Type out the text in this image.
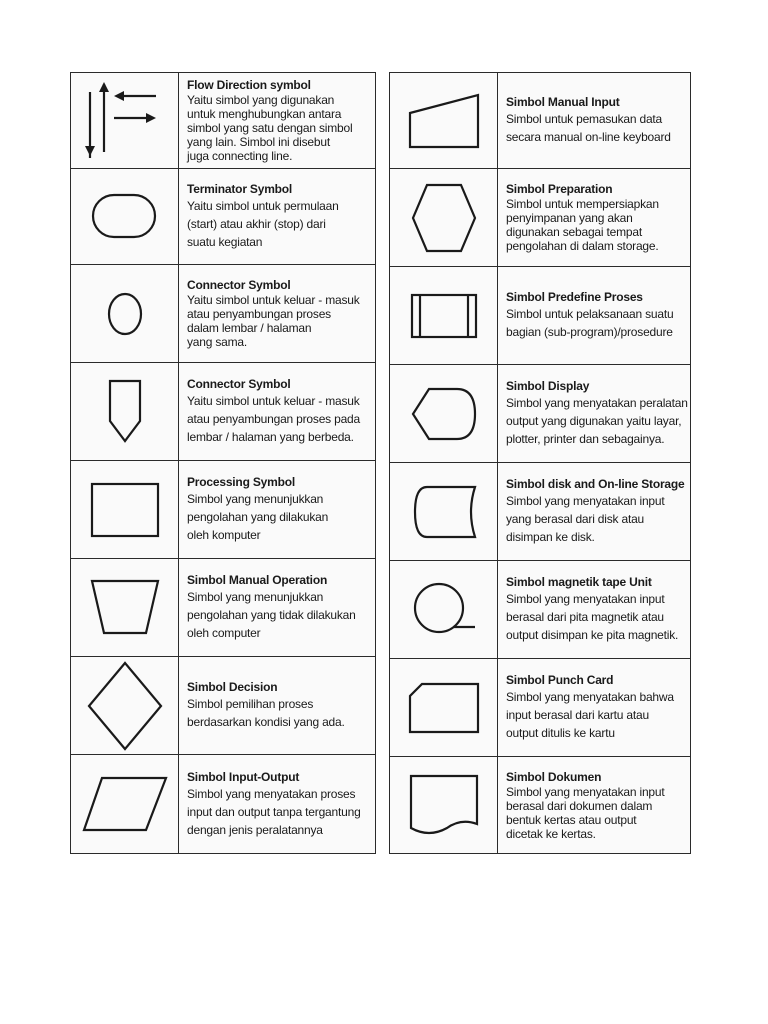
Flow Direction symbol
Yaitu simbol yang digunakan
untuk menghubungkan antara
simbol yang satu dengan simbol
yang lain. Simbol ini disebut
juga connecting line.
Terminator Symbol
Yaitu simbol untuk permulaan
(start) atau akhir (stop) dari
suatu kegiatan
Connector Symbol
Yaitu simbol untuk keluar - masuk
atau penyambungan proses
dalam lembar / halaman
yang sama.
Connector Symbol
Yaitu simbol untuk keluar - masuk
atau penyambungan proses pada
lembar / halaman yang berbeda.
Processing Symbol
Simbol yang menunjukkan
pengolahan yang dilakukan
oleh komputer
Simbol Manual Operation
Simbol yang menunjukkan
pengolahan yang tidak dilakukan
oleh computer
Simbol Decision
Simbol pemilihan proses
berdasarkan kondisi yang ada.
Simbol Input-Output
Simbol yang menyatakan proses
input dan output tanpa tergantung
dengan jenis peralatannya
Simbol Manual Input
Simbol untuk pemasukan data
secara manual on-line keyboard
Simbol Preparation
Simbol untuk mempersiapkan
penyimpanan yang akan
digunakan sebagai tempat
pengolahan di dalam storage.
Simbol Predefine Proses
Simbol untuk pelaksanaan suatu
bagian (sub-program)/prosedure
Simbol Display
Simbol yang menyatakan peralatan
output yang digunakan yaitu layar,
plotter, printer dan sebagainya.
Simbol disk and On-line Storage
Simbol yang menyatakan input
yang berasal dari disk atau
disimpan ke disk.
Simbol magnetik tape Unit
Simbol yang menyatakan input
berasal dari pita magnetik atau
output disimpan ke pita magnetik.
Simbol Punch Card
Simbol yang menyatakan bahwa
input berasal dari kartu atau
output ditulis ke kartu
Simbol Dokumen
Simbol yang menyatakan input
berasal dari dokumen dalam
bentuk kertas atau output
dicetak ke kertas.
